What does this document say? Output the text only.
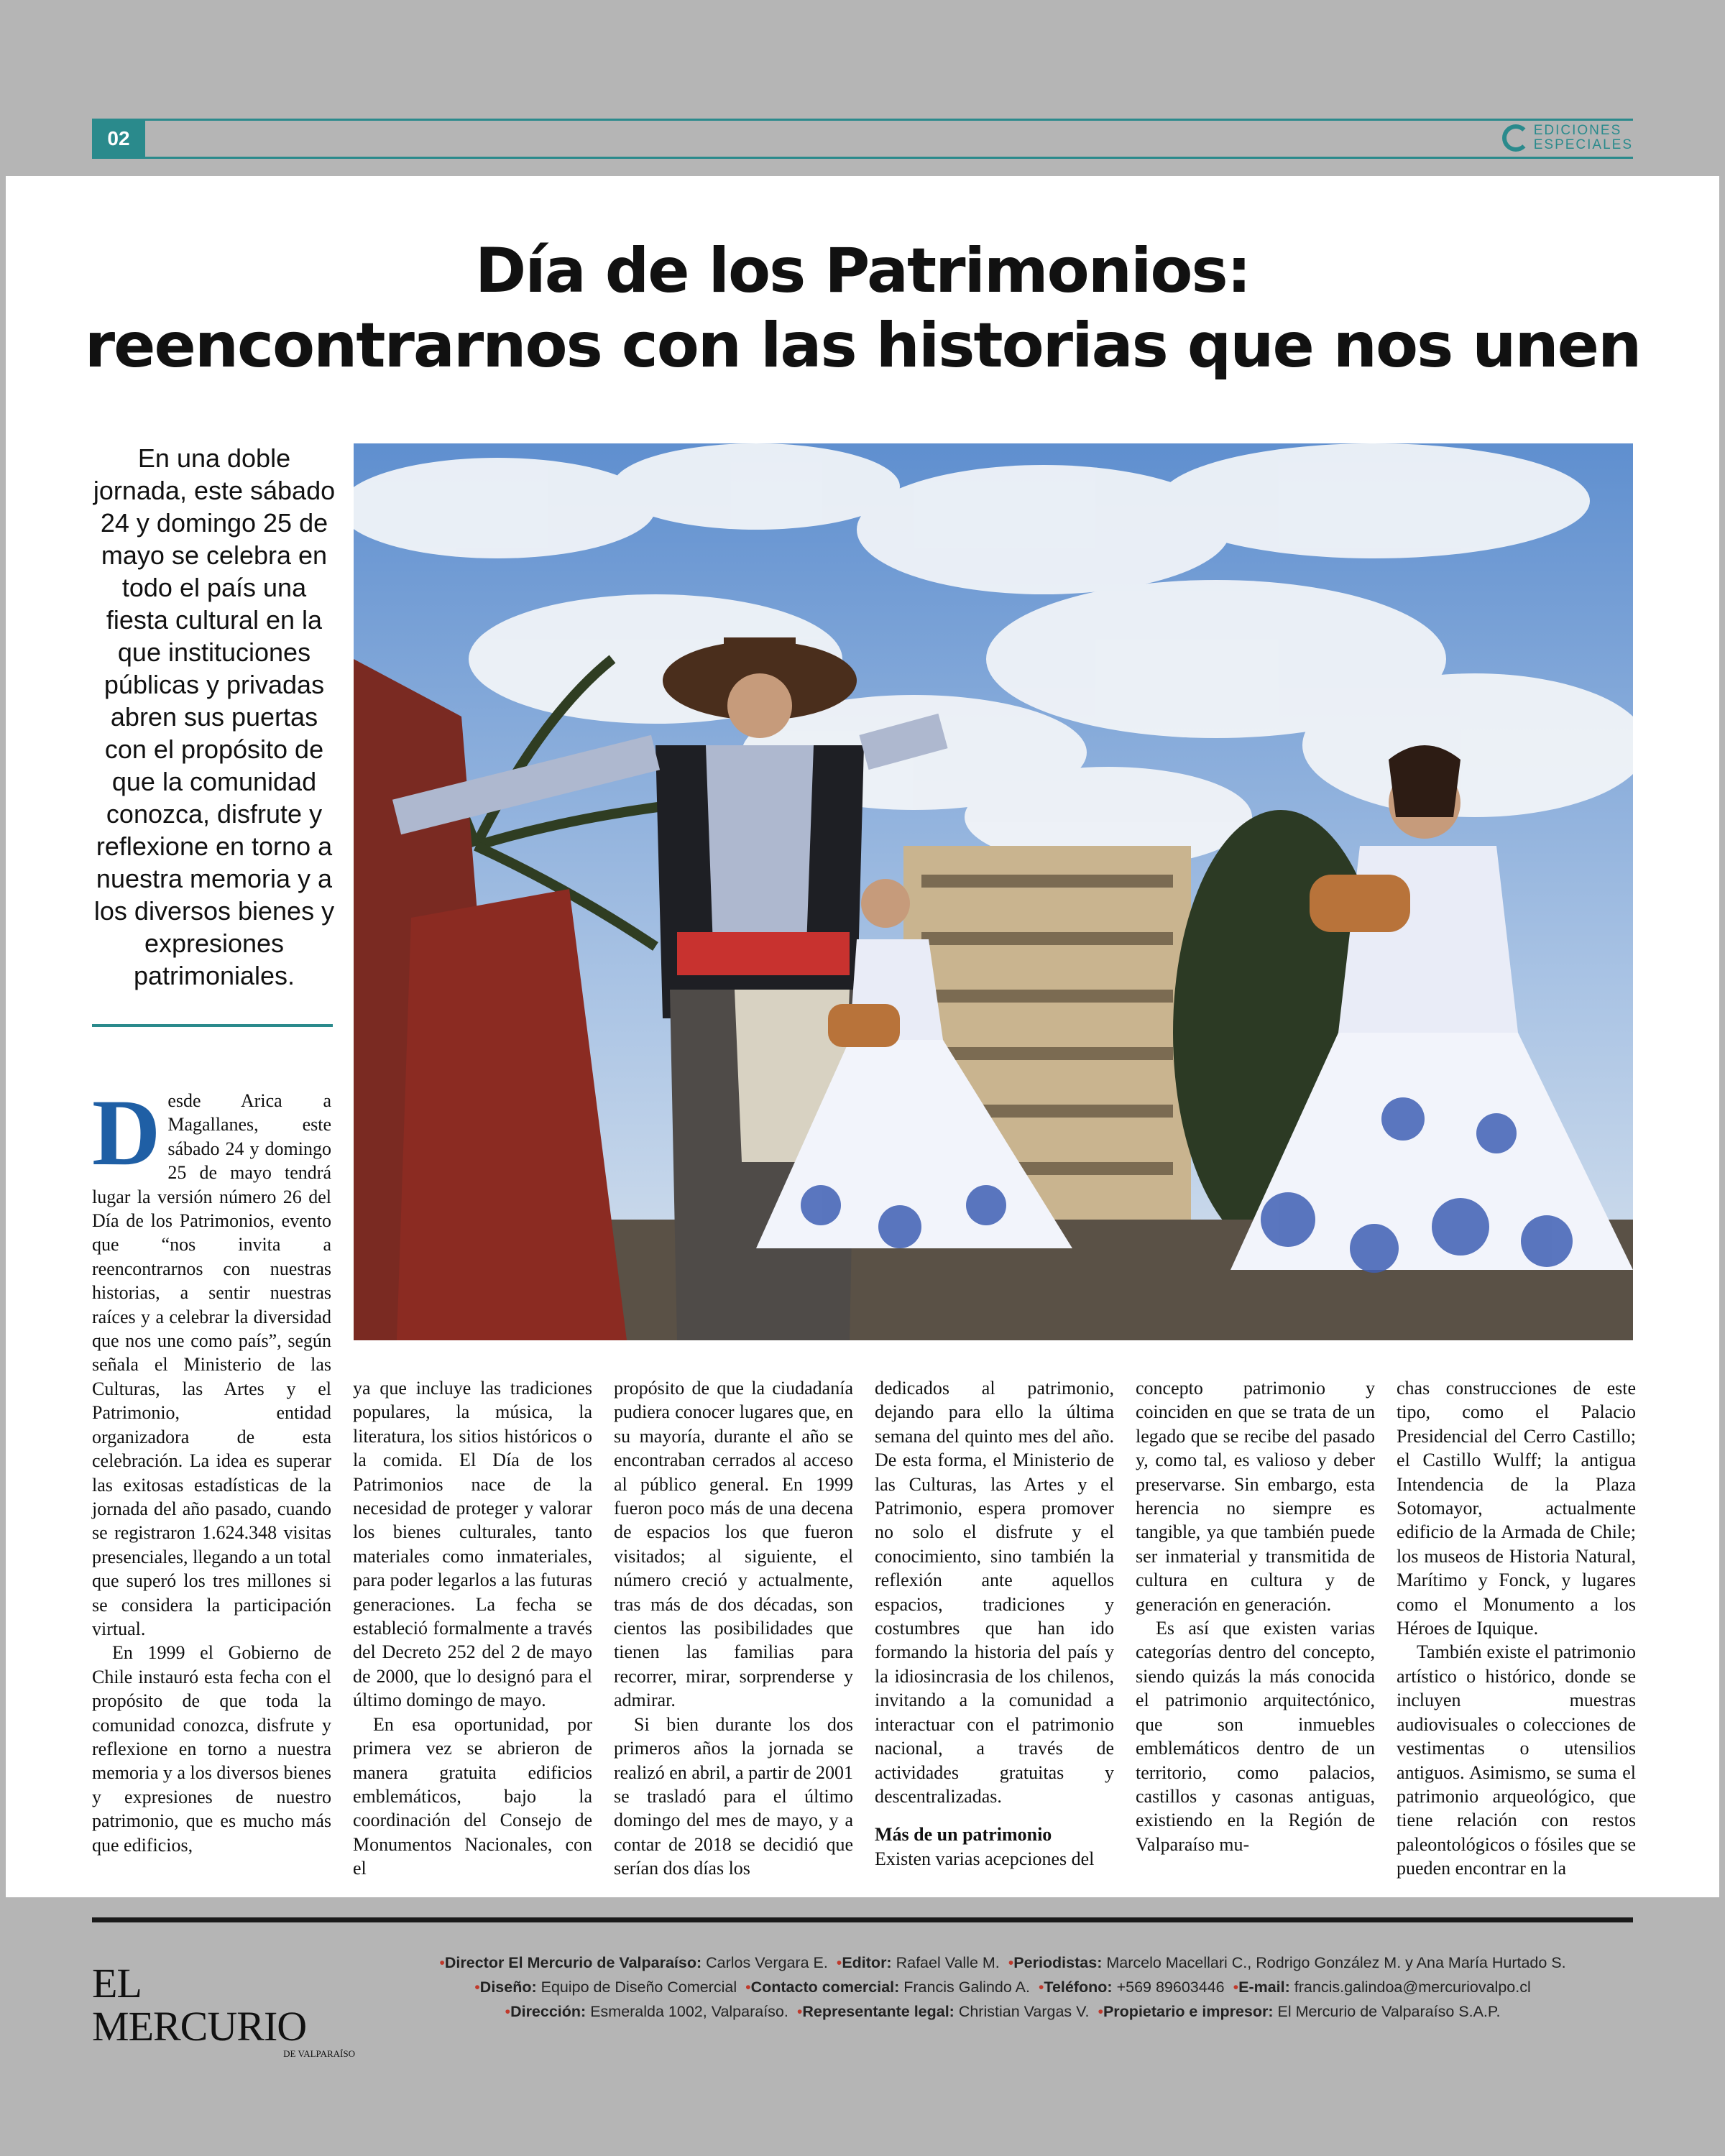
02	EDICIONES
ESPECIALES
Día de los Patrimonios:
reencontrarnos con las historias que nos unen
En una doble jornada, este sábado 24 y domingo 25 de mayo se celebra en todo el país una fiesta cultural en la que instituciones públicas y privadas abren sus puertas con el propósito de que la comunidad conozca, disfrute y reflexione en torno a nuestra memoria y a los diversos bienes y expresiones patrimoniales.

Desde Arica a Magallanes, este sábado 24 y domingo 25 de mayo tendrá lugar la versión número 26 del Día de los Patrimonios, evento que “nos invita a reencontrarnos con nuestras historias, a sentir nuestras raíces y a celebrar la diversidad que nos une como país”, según señala el Ministerio de las Culturas, las Artes y el Patrimonio, entidad organizadora de esta celebración. La idea es superar las exitosas estadísticas de la jornada del año pasado, cuando se registraron 1.624.348 visitas presenciales, llegando a un total que superó los tres millones si se considera la participación virtual.

En 1999 el Gobierno de Chile instauró esta fecha con el propósito de que toda la comunidad conozca, disfrute y reflexione en torno a nuestra memoria y a los diversos bienes y expresiones de nuestro patrimonio, que es mucho más que edificios,

ya que incluye las tradiciones populares, la música, la literatura, los sitios históricos o la comida. El Día de los Patrimonios nace de la necesidad de proteger y valorar los bienes culturales, tanto materiales como inmateriales, para poder legarlos a las futuras generaciones. La fecha se estableció formalmente a través del Decreto 252 del 2 de mayo de 2000, que lo designó para el último domingo de mayo.

En esa oportunidad, por primera vez se abrieron de manera gratuita edificios emblemáticos, bajo la coordinación del Consejo de Monumentos Nacionales, con el

propósito de que la ciudadanía pudiera conocer lugares que, en su mayoría, durante el año se encontraban cerrados al acceso al público general. En 1999 fueron poco más de una decena de espacios los que fueron visitados; al siguiente, el número creció y actualmente, tras más de dos décadas, son cientos las posibilidades que tienen las familias para recorrer, mirar, sorprenderse y admirar.

Si bien durante los dos primeros años la jornada se realizó en abril, a partir de 2001 se trasladó para el último domingo del mes de mayo, y a contar de 2018 se decidió que serían dos días los

dedicados al patrimonio, dejando para ello la última semana del quinto mes del año. De esta forma, el Ministerio de las Culturas, las Artes y el Patrimonio, espera promover no solo el disfrute y el conocimiento, sino también la reflexión ante aquellos espacios, tradiciones y costumbres que han ido formando la historia del país y la idiosincrasia de los chilenos, invitando a la comunidad a interactuar con el patrimonio nacional, a través de actividades gratuitas y descentralizadas.

Más de un patrimonio

Existen varias acepciones del

concepto patrimonio y coinciden en que se trata de un legado que se recibe del pasado y, como tal, es valioso y deber preservarse. Sin embargo, esta herencia no siempre es tangible, ya que también puede ser inmaterial y transmitida de cultura en cultura y de generación en generación.

Es así que existen varias categorías dentro del concepto, siendo quizás la más conocida el patrimonio arquitectónico, que son inmuebles emblemáticos dentro de un territorio, como palacios, castillos y casonas antiguas, existiendo en la Región de Valparaíso mu-

chas construcciones de este tipo, como el Palacio Presidencial del Cerro Castillo; el Castillo Wulff; la antigua Intendencia de la Plaza Sotomayor, actualmente edificio de la Armada de Chile; los museos de Historia Natural, Marítimo y Fonck, y lugares como el Monumento a los Héroes de Iquique.

También existe el patrimonio artístico o histórico, donde se incluyen muestras audiovisuales o colecciones de vestimentas o utensilios antiguos. Asimismo, se suma el patrimonio arqueológico, que tiene relación con restos paleontológicos o fósiles que se pueden encontrar en la

EL MERCURIO
DE VALPARAÍSO
•Director El Mercurio de Valparaíso: Carlos Vergara E. •Editor: Rafael Valle M. •Periodistas: Marcelo Macellari C., Rodrigo González M. y Ana María Hurtado S.
•Diseño: Equipo de Diseño Comercial •Contacto comercial: Francis Galindo A. •Teléfono: +569 89603446 •E-mail: francis.galindoa@mercuriovalpo.cl
•Dirección: Esmeralda 1002, Valparaíso. •Representante legal: Christian Vargas V. •Propietario e impresor: El Mercurio de Valparaíso S.A.P.
